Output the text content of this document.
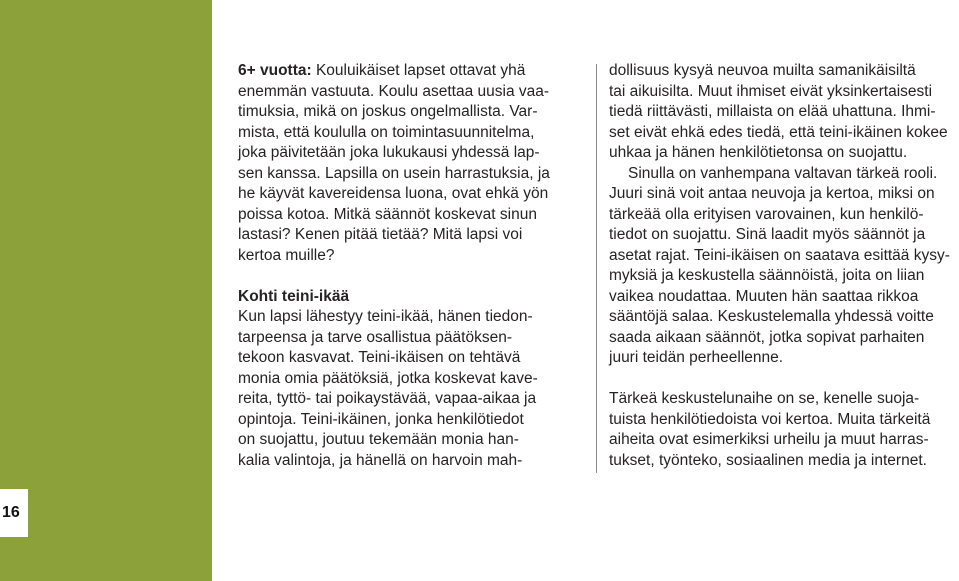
16

6+ vuotta: Kouluikäiset lapset ottavat yhä
enemmän vastuuta. Koulu asettaa uusia vaa-
timuksia, mikä on joskus ongelmallista. Var-
mista, että koululla on toimintasuunnitelma,
joka päivitetään joka lukukausi yhdessä lap-
sen kanssa. Lapsilla on usein harrastuksia, ja
he käyvät kavereidensa luona, ovat ehkä yön
poissa kotoa. Mitkä säännöt koskevat sinun
lastasi? Kenen pitää tietää? Mitä lapsi voi
kertoa muille?

Kohti teini-ikää

Kun lapsi lähestyy teini-ikää, hänen tiedon-
tarpeensa ja tarve osallistua päätöksen-
tekoon kasvavat. Teini-ikäisen on tehtävä
monia omia päätöksiä, jotka koskevat kave-
reita, tyttö- tai poikaystävää, vapaa-aikaa ja
opintoja. Teini-ikäinen, jonka henkilötiedot
on suojattu, joutuu tekemään monia han-
kalia valintoja, ja hänellä on harvoin mah-

dollisuus kysyä neuvoa muilta samanikäisiltä
tai aikuisilta. Muut ihmiset eivät yksinkertaisesti
tiedä riittävästi, millaista on elää uhattuna. Ihmi-
set eivät ehkä edes tiedä, että teini-ikäinen kokee
uhkaa ja hänen henkilötietonsa on suojattu.

Sinulla on vanhempana valtavan tärkeä rooli.
Juuri sinä voit antaa neuvoja ja kertoa, miksi on
tärkeää olla erityisen varovainen, kun henkilö-
tiedot on suojattu. Sinä laadit myös säännöt ja
asetat rajat. Teini-ikäisen on saatava esittää kysy-
myksiä ja keskustella säännöistä, joita on liian
vaikea noudattaa. Muuten hän saattaa rikkoa
sääntöjä salaa. Keskustelemalla yhdessä voitte
saada aikaan säännöt, jotka sopivat parhaiten
juuri teidän perheellenne.

Tärkeä keskustelunaihe on se, kenelle suoja-
tuista henkilötiedoista voi kertoa. Muita tärkeitä
aiheita ovat esimerkiksi urheilu ja muut harras-
tukset, työnteko, sosiaalinen media ja internet.
